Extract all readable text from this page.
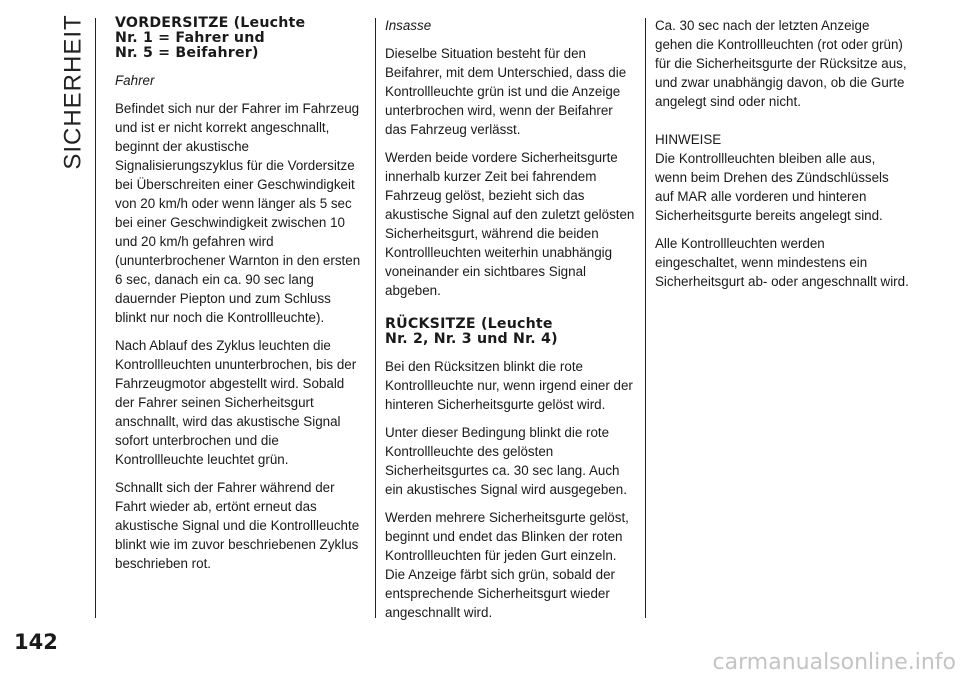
SICHERHEIT VORDERSITZE (Leuchte
Nr. 1 = Fahrer und
Nr. 5 = Beifahrer)

Fahrer

Befindet sich nur der Fahrer im Fahrzeug und ist er nicht korrekt angeschnallt, beginnt der akustische Signalisierungszyklus für die Vordersitze bei Überschreiten einer Geschwindigkeit von 20 km/h oder wenn länger als 5 sec bei einer Geschwindigkeit zwischen 10 und 20 km/h gefahren wird (ununterbrochener Warnton in den ersten 6 sec, danach ein ca. 90 sec lang dauernder Piepton und zum Schluss blinkt nur noch die Kontrollleuchte).

Nach Ablauf des Zyklus leuchten die Kontrollleuchten ununterbrochen, bis der Fahrzeugmotor abgestellt wird. Sobald der Fahrer seinen Sicherheitsgurt anschnallt, wird das akustische Signal sofort unterbrochen und die Kontrollleuchte leuchtet grün.

Schnallt sich der Fahrer während der Fahrt wieder ab, ertönt erneut das akustische Signal und die Kontrollleuchte blinkt wie im zuvor beschriebenen Zyklus beschrieben rot.

Insasse

Dieselbe Situation besteht für den Beifahrer, mit dem Unterschied, dass die Kontrollleuchte grün ist und die Anzeige unterbrochen wird, wenn der Beifahrer das Fahrzeug verlässt.

Werden beide vordere Sicherheitsgurte innerhalb kurzer Zeit bei fahrendem Fahrzeug gelöst, bezieht sich das akustische Signal auf den zuletzt gelösten Sicherheitsgurt, während die beiden Kontrollleuchten weiterhin unabhängig voneinander ein sichtbares Signal abgeben.

RÜCKSITZE (Leuchte
Nr. 2, Nr. 3 und Nr. 4)

Bei den Rücksitzen blinkt die rote Kontrollleuchte nur, wenn irgend einer der hinteren Sicherheitsgurte gelöst wird.

Unter dieser Bedingung blinkt die rote Kontrollleuchte des gelösten Sicherheitsgurtes ca. 30 sec lang. Auch ein akustisches Signal wird ausgegeben.

Werden mehrere Sicherheitsgurte gelöst, beginnt und endet das Blinken der roten Kontrollleuchten für jeden Gurt einzeln. Die Anzeige färbt sich grün, sobald der entsprechende Sicherheitsgurt wieder angeschnallt wird.

Ca. 30 sec nach der letzten Anzeige gehen die Kontrollleuchten (rot oder grün) für die Sicherheitsgurte der Rücksitze aus, und zwar unabhängig davon, ob die Gurte angelegt sind oder nicht.

HINWEISE

Die Kontrollleuchten bleiben alle aus, wenn beim Drehen des Zündschlüssels auf MAR alle vorderen und hinteren Sicherheitsgurte bereits angelegt sind.

Alle Kontrollleuchten werden eingeschaltet, wenn mindestens ein Sicherheitsgurt ab- oder angeschnallt wird.

142
carmanualsonline.info
